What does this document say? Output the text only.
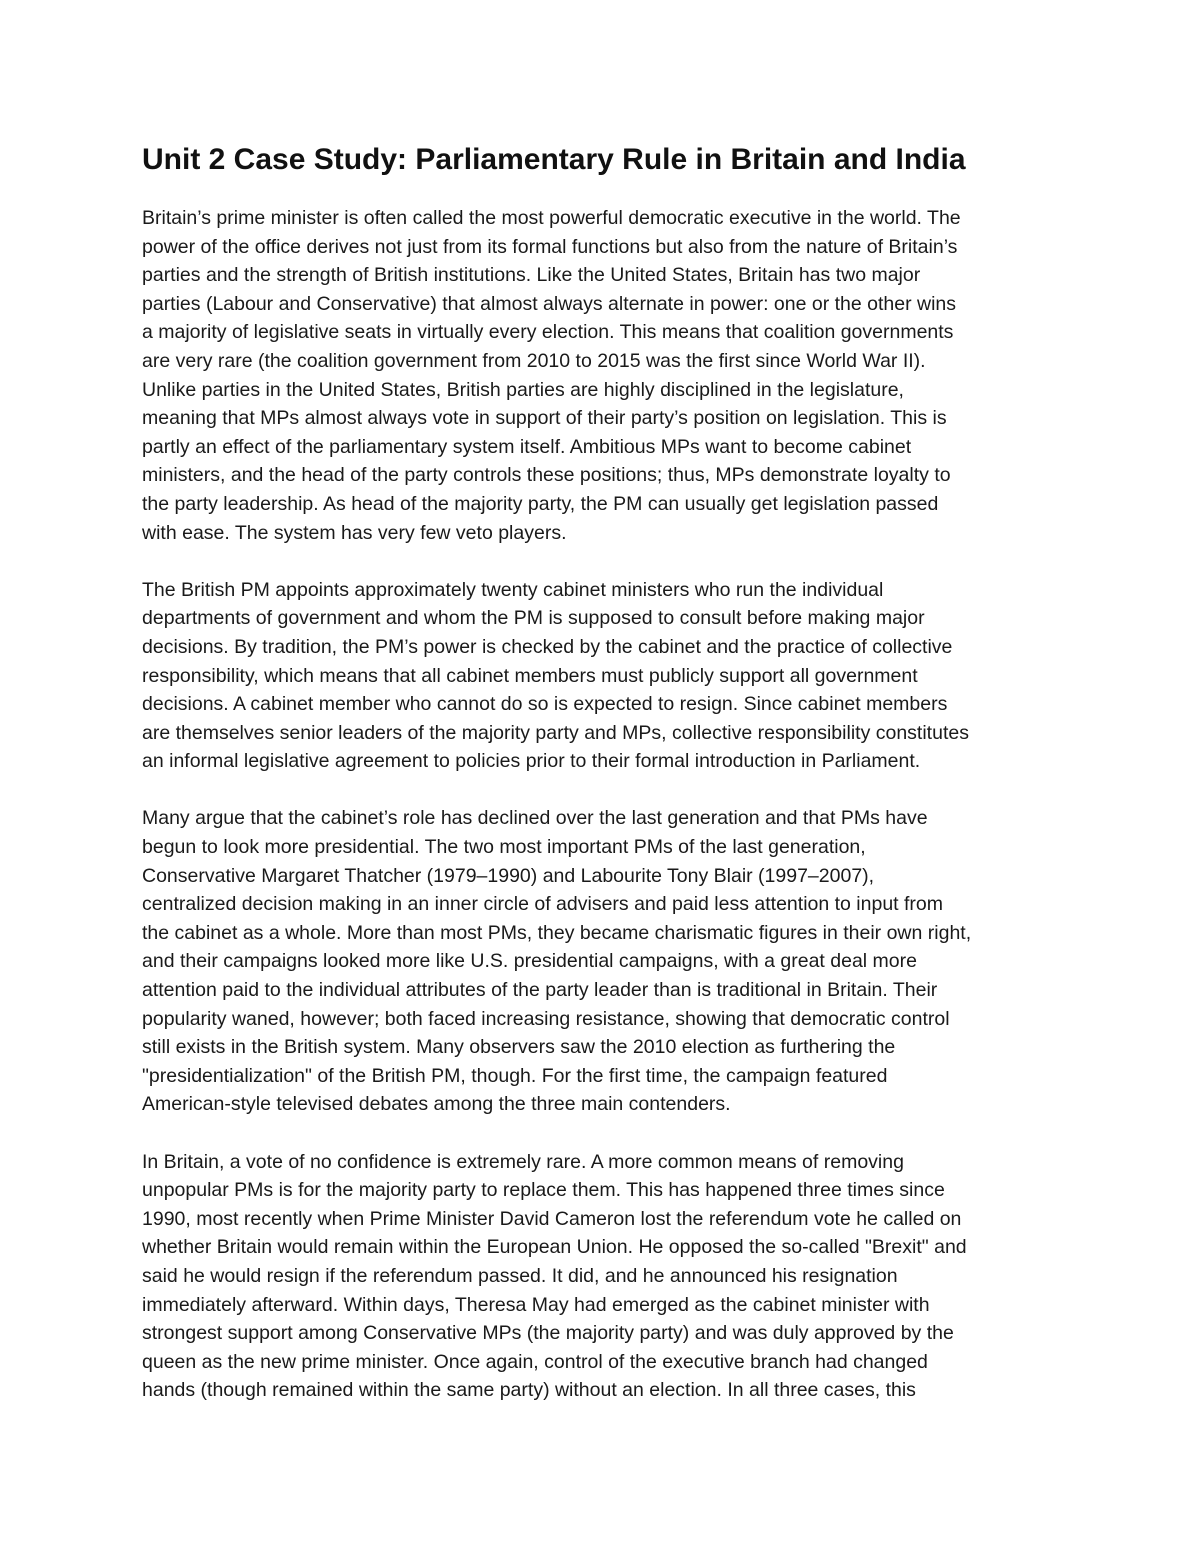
Unit 2 Case Study: Parliamentary Rule in Britain and India

Britain’s prime minister is often called the most powerful democratic executive in the world. The
power of the office derives not just from its formal functions but also from the nature of Britain’s
parties and the strength of British institutions. Like the United States, Britain has two major
parties (Labour and Conservative) that almost always alternate in power: one or the other wins
a majority of legislative seats in virtually every election. This means that coalition governments
are very rare (the coalition government from 2010 to 2015 was the first since World War II).
Unlike parties in the United States, British parties are highly disciplined in the legislature,
meaning that MPs almost always vote in support of their party’s position on legislation. This is
partly an effect of the parliamentary system itself. Ambitious MPs want to become cabinet
ministers, and the head of the party controls these positions; thus, MPs demonstrate loyalty to
the party leadership. As head of the majority party, the PM can usually get legislation passed
with ease. The system has very few veto players.

The British PM appoints approximately twenty cabinet ministers who run the individual
departments of government and whom the PM is supposed to consult before making major
decisions. By tradition, the PM’s power is checked by the cabinet and the practice of collective
responsibility, which means that all cabinet members must publicly support all government
decisions. A cabinet member who cannot do so is expected to resign. Since cabinet members
are themselves senior leaders of the majority party and MPs, collective responsibility constitutes
an informal legislative agreement to policies prior to their formal introduction in Parliament.

Many argue that the cabinet’s role has declined over the last generation and that PMs have
begun to look more presidential. The two most important PMs of the last generation,
Conservative Margaret Thatcher (1979–1990) and Labourite Tony Blair (1997–2007),
centralized decision making in an inner circle of advisers and paid less attention to input from
the cabinet as a whole. More than most PMs, they became charismatic figures in their own right,
and their campaigns looked more like U.S. presidential campaigns, with a great deal more
attention paid to the individual attributes of the party leader than is traditional in Britain. Their
popularity waned, however; both faced increasing resistance, showing that democratic control
still exists in the British system. Many observers saw the 2010 election as furthering the
"presidentialization" of the British PM, though. For the first time, the campaign featured
American-style televised debates among the three main contenders.

In Britain, a vote of no confidence is extremely rare. A more common means of removing
unpopular PMs is for the majority party to replace them. This has happened three times since
1990, most recently when Prime Minister David Cameron lost the referendum vote he called on
whether Britain would remain within the European Union. He opposed the so-called "Brexit" and
said he would resign if the referendum passed. It did, and he announced his resignation
immediately afterward. Within days, Theresa May had emerged as the cabinet minister with
strongest support among Conservative MPs (the majority party) and was duly approved by the
queen as the new prime minister. Once again, control of the executive branch had changed
hands (though remained within the same party) without an election. In all three cases, this
